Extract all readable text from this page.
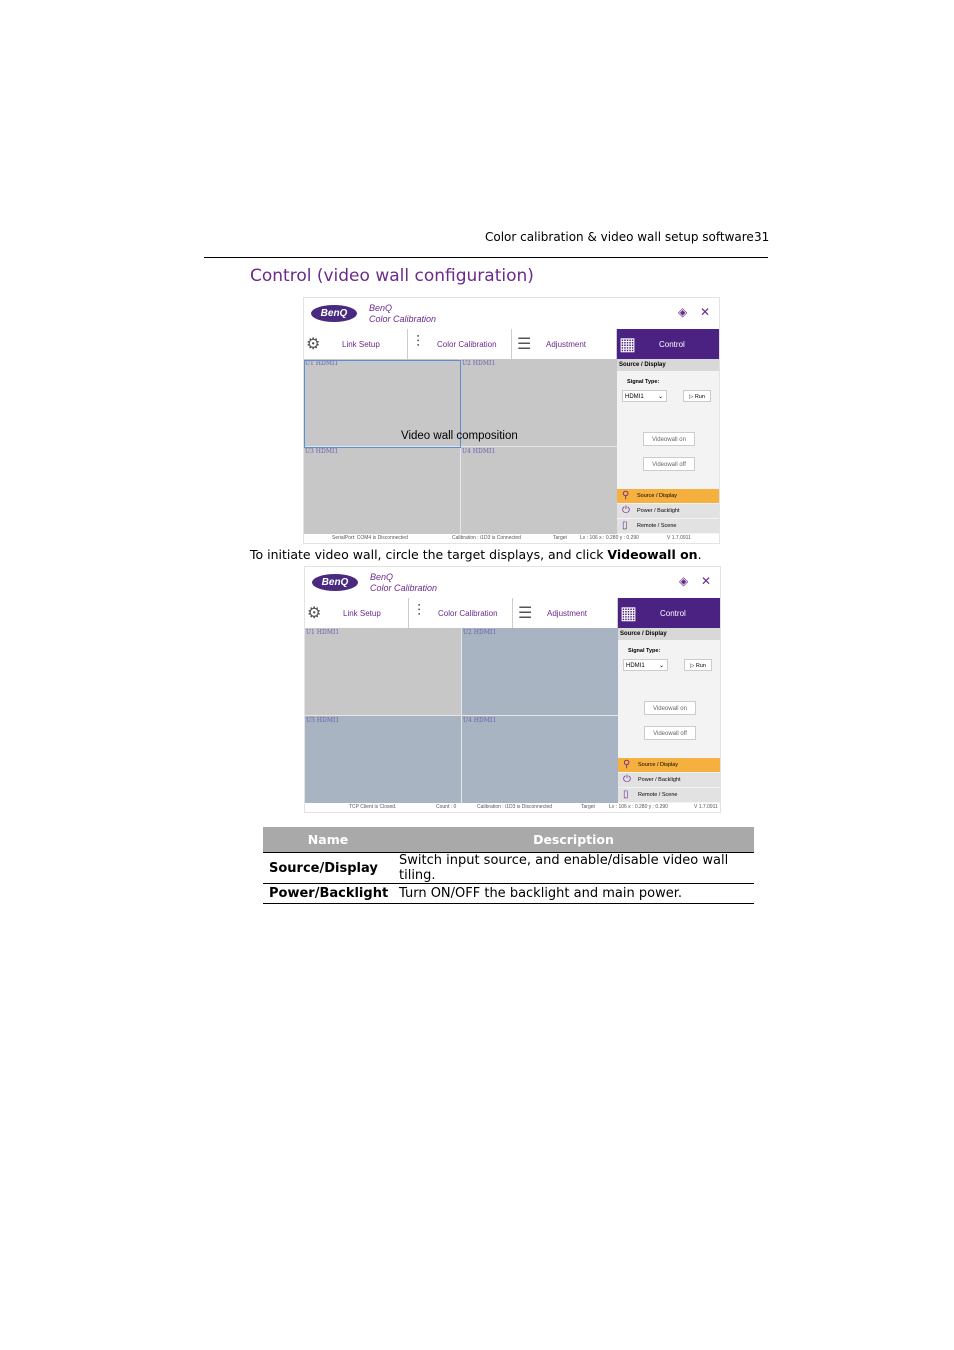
Color calibration & video wall setup software 31
Control (video wall configuration)
BenQ	BenQ
Color Calibration	◈ ✕
⚙	Link Setup ⫶ Color Calibration ☰ Adjustment ▦	Control
U1 HDMI1	U2 HDMI1
U3 HDMI1	U4 HDMI1
Video wall composition
Source / Display
Signal Type:
HDMI1 ⌄	▷ Run
Videowall on
Videowall off
⚲ Source / Display
⏻ Power / Backlight
▯ Remote / Scene
SerialPort: COM4 is Disconnected	Calibration : i1D3 is Connected	Target	Lv : 106 x : 0.280 y : 0.290	V 1.7.0911
To initiate video wall, circle the target displays, and click Videowall on.
BenQ	BenQ
Color Calibration	◈ ✕
⚙	Link Setup ⫶ Color Calibration ☰ Adjustment ▦	Control
U1 HDMI1	U2 HDMI1
U3 HDMI1	U4 HDMI1
Source / Display
Signal Type:
HDMI1 ⌄	▷ Run
Videowall on
Videowall off
⚲ Source / Display
⏻ Power / Backlight
▯ Remote / Scene
TCP Client is Closed.	Count : 0	Calibration : i1D3 is Disconnected	Target	Lv : 106 x : 0.280 y : 0.290	V 1.7.0911
Name	Description
Source/Display	Switch input source, and enable/disable video wall tiling.
Power/Backlight	Turn ON/OFF the backlight and main power.
